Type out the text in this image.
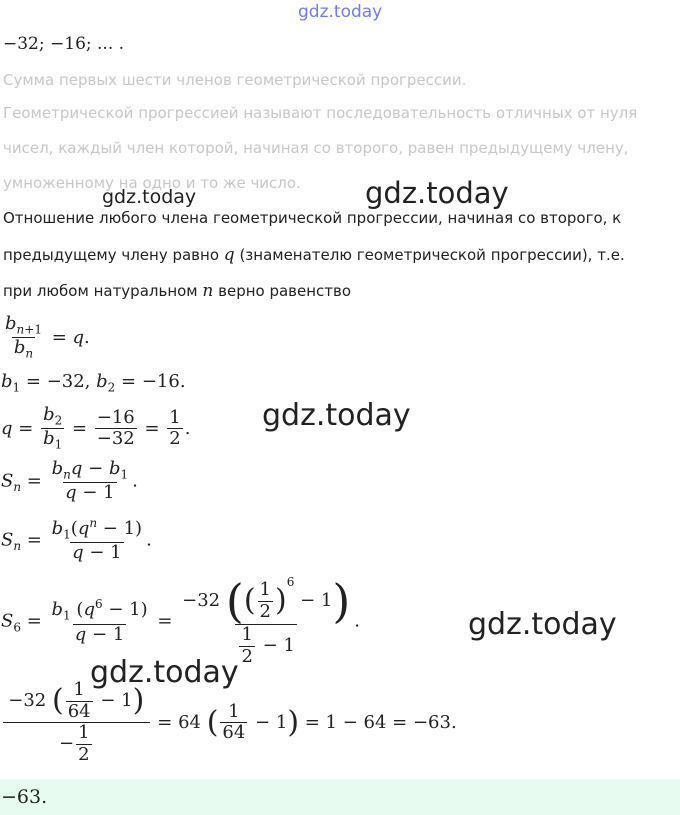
gdz.today
−32; −16; ... .
Сумма первых шести членов геометрической прогрессии.
Геометрической прогрессией называют последовательность отличных от нуля
чисел, каждый член которой, начиная со второго, равен предыдущему члену,
умноженному на одно и то же число.
gdz.today	gdz.today
Отношение любого члена геометрической прогрессии, начиная со второго, к
предыдущему члену равно q (знаменателю геометрической прогрессии), т.е.
при любом натуральном n верно равенство
$\frac{b_{n+1}}{b_n} = q$.
$b_1 = -32$, $b_2 = -16$.
$q = \frac{b_2}{b_1} = \frac{-16}{-32} = \frac{1}{2}$ . gdz.today
$S_n = \frac{b_nq - b_1}{q - 1}$ .
$S_n = \frac{b_1(q^n - 1)}{q - 1}$ .
$S_6 = \frac{b_1 (q^6 - 1)}{q - 1} = \frac{-32 (( \frac{1}{2} )^6 - 1)}{\frac{1}{2} - 1}$ .	gdz.today
$\frac{-32 ( \frac{1}{64} - 1)}{- \frac{1}{2}} = 64$ ( $\frac{1}{64} - 1) = 1 - 64 = -63$.
gdz.today
−63.
